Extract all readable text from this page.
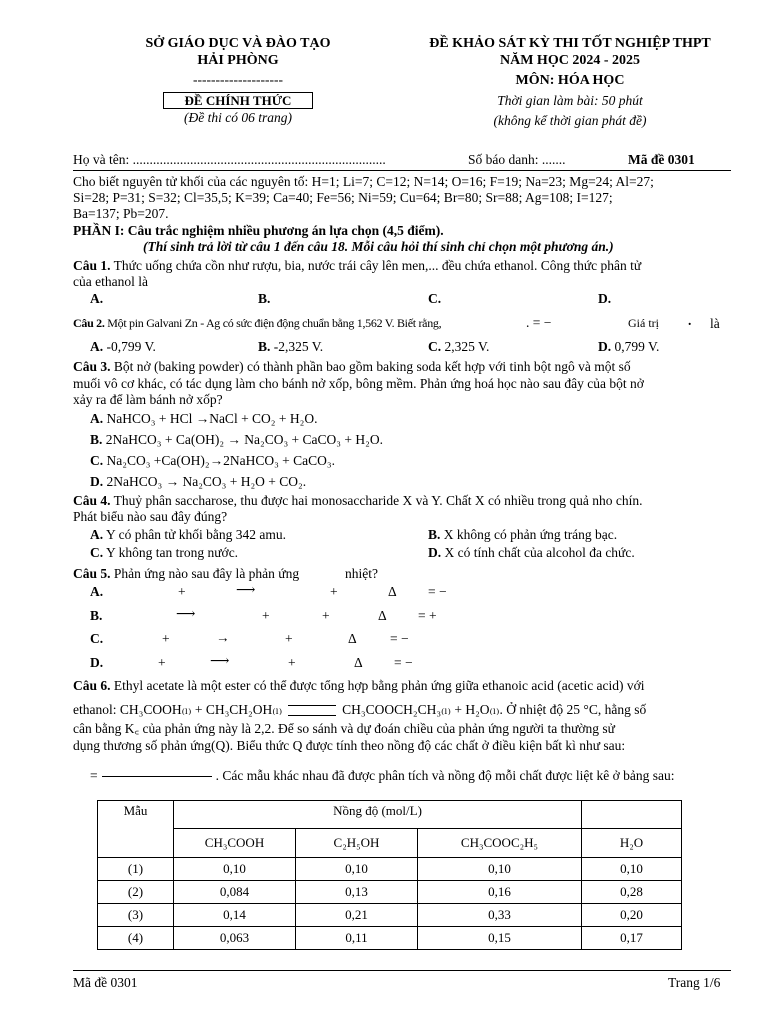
SỞ GIÁO DỤC VÀ ĐÀO TẠO
HẢI PHÒNG
--------------------
ĐỀ CHÍNH THỨC
(Đề thi có 06 trang)
ĐỀ KHẢO SÁT KỲ THI TỐT NGHIỆP THPT
NĂM HỌC 2024 - 2025
MÔN: HÓA HỌC
Thời gian làm bài: 50 phút
(không kể thời gian phát đề)
Họ và tên: ...........................................................................	Số báo danh: .......	Mã đề 0301
Cho biết nguyên tử khối của các nguyên tố: H=1; Li=7; C=12; N=14; O=16; F=19; Na=23; Mg=24; Al=27;
Si=28; P=31; S=32; Cl=35,5; K=39; Ca=40; Fe=56; Ni=59; Cu=64; Br=80; Sr=88; Ag=108; I=127;
Ba=137; Pb=207.
PHẦN I: Câu trắc nghiệm nhiều phương án lựa chọn (4,5 điểm).
(Thí sinh trả lời từ câu 1 đến câu 18. Mỗi câu hỏi thí sinh chỉ chọn một phương án.)
Câu 1. Thức uống chứa cồn như rượu, bia, nước trái cây lên men,... đều chứa ethanol. Công thức phân tử
của ethanol là
A.	B.	C.	D.
Câu 2. Một pin Galvani Zn - Ag có sức điện động chuẩn bằng 1,562 V. Biết rằng,	. = −	Giá trị . là
A. -0,799 V.	B. -2,325 V.	C. 2,325 V.	D. 0,799 V.
Câu 3. Bột nở (baking powder) có thành phần bao gồm baking soda kết hợp với tinh bột ngô và một số
muối vô cơ khác, có tác dụng làm cho bánh nở xốp, bông mềm. Phản ứng hoá học nào sau đây của bột nở
xảy ra để làm bánh nở xốp?
A. NaHCO₃ + HCl →NaCl + CO₂ + H₂O.
B. 2NaHCO₃ + Ca(OH)₂ → Na₂CO₃ + CaCO₃ + H₂O.
C. Na₂CO₃ +Ca(OH)₂→2NaHCO₃ + CaCO₃.
D. 2NaHCO₃ → Na₂CO₃ + H₂O + CO₂.
Câu 4. Thuỷ phân saccharose, thu được hai monosaccharide X và Y. Chất X có nhiều trong quả nho chín.
Phát biểu nào sau đây đúng?
A. Y có phân tử khối bằng 342 amu.	B. X không có phản ứng tráng bạc.
C. Y không tan trong nước.	D. X có tính chất của alcohol đa chức.
Câu 5. Phản ứng nào sau đây là phản ứng	nhiệt?
A.	+	⟶	+	Δ = −
B.	⟶	+	+	Δ = +
C.	+	→	+	Δ = −
D.	+	⟶	+	Δ = −
Câu 6. Ethyl acetate là một ester có thể được tổng hợp bằng phản ứng giữa ethanoic acid (acetic acid) với
ethanol: CH₃COOH₍ₗ₎ + CH₃CH₂OH₍ₗ₎	CH₃COOCH₂CH₃₍ₗ₎ + H₂O₍ₗ₎. Ở nhiệt độ 25 °C, hằng số
cân bằng K꜀ của phản ứng này là 2,2. Để so sánh và dự đoán chiều của phản ứng người ta thường sử
dụng thương số phản ứng(Q). Biểu thức Q được tính theo nồng độ các chất ở điều kiện bất kì như sau:
=	. Các mẫu khác nhau đã được phân tích và nồng độ mỗi chất được liệt kê ở bảng sau:
Mẫu	Nồng độ (mol/L)			
	CH₃COOH	C₂H₅OH	CH₃COOC₂H₅	H₂O
(1)	0,10	0,10	0,10	0,10
(2)	0,084	0,13	0,16	0,28
(3)	0,14	0,21	0,33	0,20
(4)	0,063	0,11	0,15	0,17
Mã đề 0301	Trang 1/6
